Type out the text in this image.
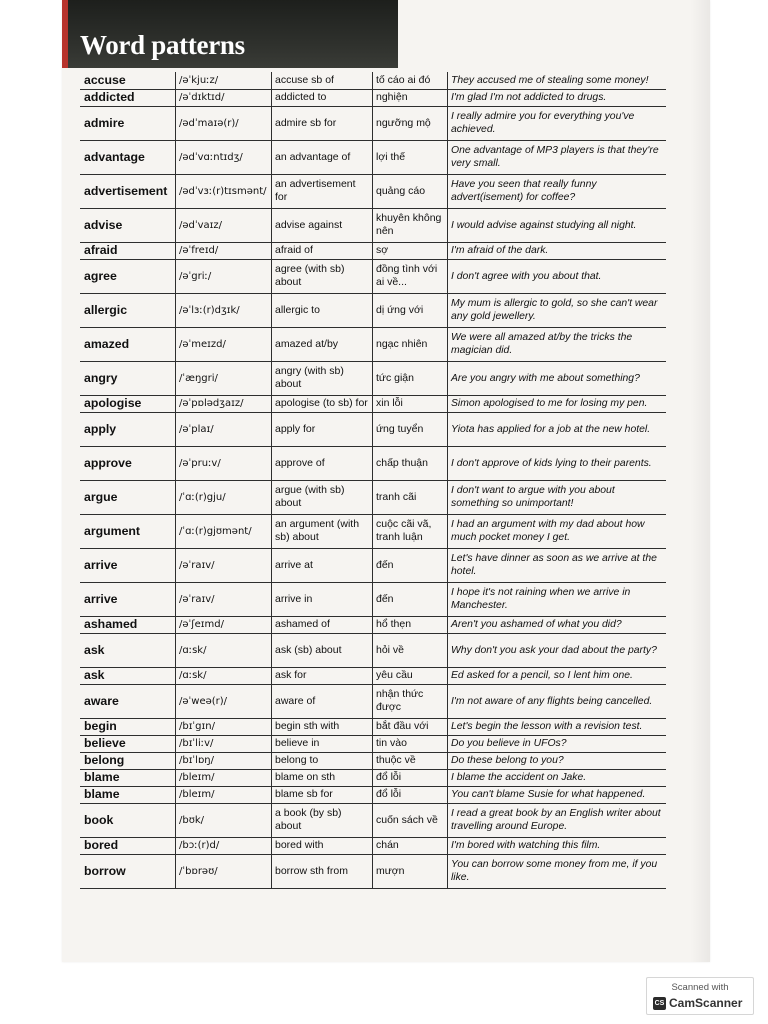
Word patterns
accuse	/əˈkjuːz/	accuse sb of	tố cáo ai đó	They accused me of stealing some money!
addicted	/əˈdɪktɪd/	addicted to	nghiện	I'm glad I'm not addicted to drugs.
admire	/ədˈmaɪə(r)/	admire sb for	ngưỡng mộ	I really admire you for everything you've achieved.
advantage	/ədˈvɑːntɪdʒ/	an advantage of	lợi thế	One advantage of MP3 players is that they're very small.
advertisement	/ədˈvɜː(r)tɪsmənt/	an advertisement for	quảng cáo	Have you seen that really funny advert(isement) for coffee?
advise	/ədˈvaɪz/	advise against	khuyên không nên	I would advise against studying all night.
afraid	/əˈfreɪd/	afraid of	sợ	I'm afraid of the dark.
agree	/əˈgriː/	agree (with sb) about	đồng tình với ai về...	I don't agree with you about that.
allergic	/əˈlɜː(r)dʒɪk/	allergic to	dị ứng với	My mum is allergic to gold, so she can't wear any gold jewellery.
amazed	/əˈmeɪzd/	amazed at/by	ngạc nhiên	We were all amazed at/by the tricks the magician did.
angry	/ˈæŋgri/	angry (with sb) about	tức giận	Are you angry with me about something?
apologise	/əˈpɒlədʒaɪz/	apologise (to sb) for	xin lỗi	Simon apologised to me for losing my pen.
apply	/əˈplaɪ/	apply for	ứng tuyển	Yiota has applied for a job at the new hotel.
approve	/əˈpruːv/	approve of	chấp thuận	I don't approve of kids lying to their parents.
argue	/ˈɑː(r)gju/	argue (with sb) about	tranh cãi	I don't want to argue with you about something so unimportant!
argument	/ˈɑː(r)gjʊmənt/	an argument (with sb) about	cuộc cãi vã, tranh luận	I had an argument with my dad about how much pocket money I get.
arrive	/əˈraɪv/	arrive at	đến	Let's have dinner as soon as we arrive at the hotel.
arrive	/əˈraɪv/	arrive in	đến	I hope it's not raining when we arrive in Manchester.
ashamed	/əˈʃeɪmd/	ashamed of	hổ thẹn	Aren't you ashamed of what you did?
ask	/ɑːsk/	ask (sb) about	hỏi về	Why don't you ask your dad about the party?
ask	/ɑːsk/	ask for	yêu cầu	Ed asked for a pencil, so I lent him one.
aware	/əˈweə(r)/	aware of	nhận thức được	I'm not aware of any flights being cancelled.
begin	/bɪˈgɪn/	begin sth with	bắt đầu với	Let's begin the lesson with a revision test.
believe	/bɪˈliːv/	believe in	tin vào	Do you believe in UFOs?
belong	/bɪˈlɒŋ/	belong to	thuộc về	Do these belong to you?
blame	/bleɪm/	blame on sth	đổ lỗi	I blame the accident on Jake.
blame	/bleɪm/	blame sb for	đổ lỗi	You can't blame Susie for what happened.
book	/bʊk/	a book (by sb) about	cuốn sách về	I read a great book by an English writer about travelling around Europe.
bored	/bɔː(r)d/	bored with	chán	I'm bored with watching this film.
borrow	/ˈbɒrəʊ/	borrow sth from	mượn	You can borrow some money from me, if you like.
Scanned with
CS CamScanner
